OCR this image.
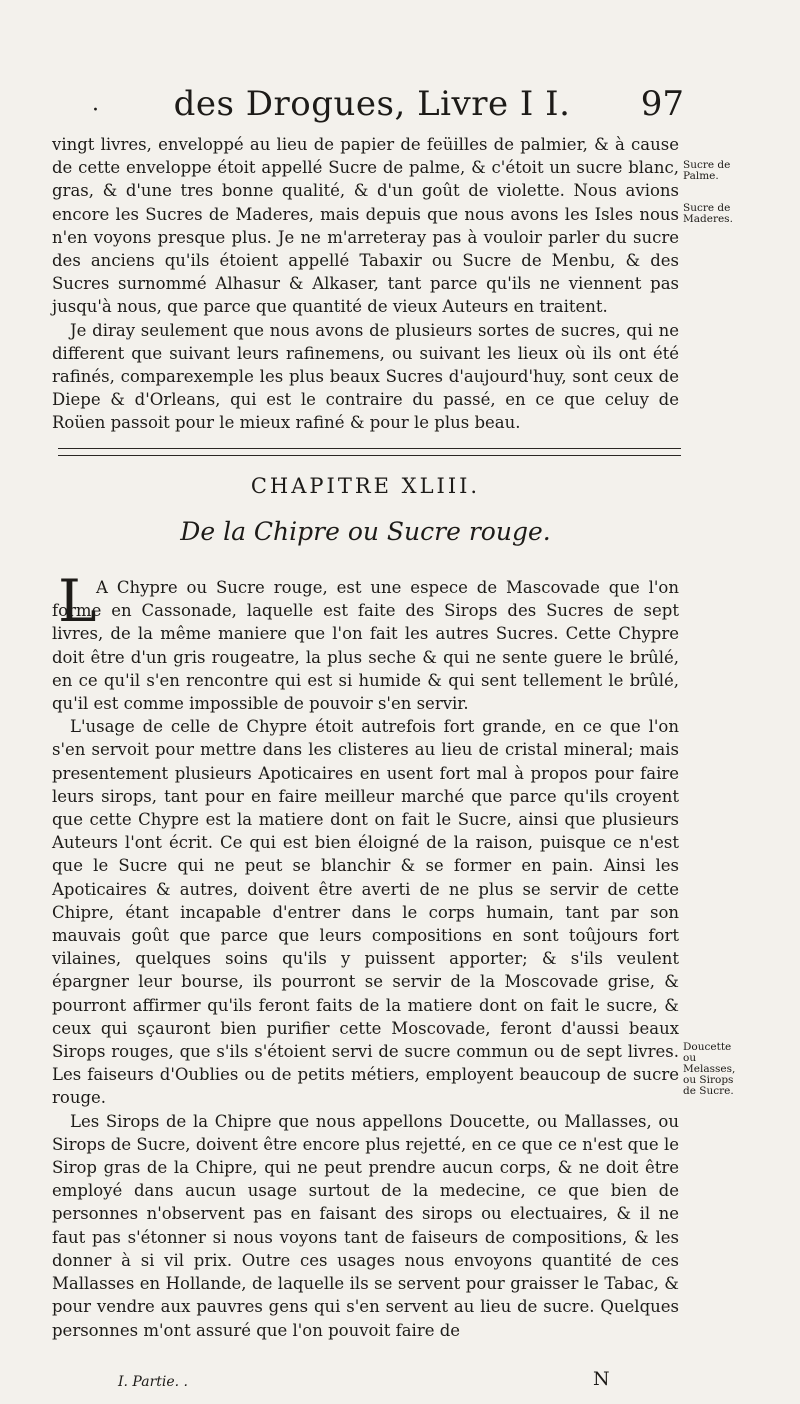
·	des Drogues, Livre I I.	97

vingt livres, enveloppé au lieu de papier de feüilles de palmier, & à cause de cette enveloppe étoit appellé Sucre de palme, & c'étoit un sucre blanc, gras, & d'une tres bonne qualité, & d'un goût de violette. Nous avions encore les Sucres de Maderes, mais depuis que nous avons les Isles nous n'en voyons presque plus. Je ne m'arreteray pas à vouloir parler du sucre des anciens qu'ils étoient appellé Tabaxir ou Sucre de Menbu, & des Sucres surnommé Alhasur & Alkaser, tant parce qu'ils ne viennent pas jusqu'à nous, que parce que quantité de vieux Auteurs en traitent.

Je diray seulement que nous avons de plusieurs sortes de sucres, qui ne different que suivant leurs rafinemens, ou suivant les lieux où ils ont été rafinés, comparexemple les plus beaux Sucres d'aujourd'huy, sont ceux de Diepe & d'Orleans, qui est le contraire du passé, en ce que celuy de Roüen passoit pour le mieux rafiné & pour le plus beau.

Sucre de Palme.
Sucre de Maderes.
CHAPITRE XLIII.
De la Chipre ou Sucre rouge.
L A Chypre ou Sucre rouge, est une espece de Mascovade que l'on forme en Cassonade, laquelle est faite des Sirops des Sucres de sept livres, de la même maniere que l'on fait les autres Sucres. Cette Chypre doit être d'un gris rougeatre, la plus seche & qui ne sente guere le brûlé, en ce qu'il s'en rencontre qui est si humide & qui sent tellement le brûlé, qu'il est comme impossible de pouvoir s'en servir.

L'usage de celle de Chypre étoit autrefois fort grande, en ce que l'on s'en servoit pour mettre dans les clisteres au lieu de cristal mineral; mais presentement plusieurs Apoticaires en usent fort mal à propos pour faire leurs sirops, tant pour en faire meilleur marché que parce qu'ils croyent que cette Chypre est la matiere dont on fait le Sucre, ainsi que plusieurs Auteurs l'ont écrit. Ce qui est bien éloigné de la raison, puisque ce n'est que le Sucre qui ne peut se blanchir & se former en pain. Ainsi les Apoticaires & autres, doivent être averti de ne plus se servir de cette Chipre, étant incapable d'entrer dans le corps humain, tant par son mauvais goût que parce que leurs compositions en sont toûjours fort vilaines, quelques soins qu'ils y puissent apporter; & s'ils veulent épargner leur bourse, ils pourront se servir de la Moscovade grise, & pourront affirmer qu'ils feront faits de la matiere dont on fait le sucre, & ceux qui sçauront bien purifier cette Moscovade, feront d'aussi beaux Sirops rouges, que s'ils s'étoient servi de sucre commun ou de sept livres. Les faiseurs d'Oublies ou de petits métiers, employent beaucoup de sucre rouge.

Les Sirops de la Chipre que nous appellons Doucette, ou Mallasses, ou Sirops de Sucre, doivent être encore plus rejetté, en ce que ce n'est que le Sirop gras de la Chipre, qui ne peut prendre aucun corps, & ne doit être employé dans aucun usage surtout de la medecine, ce que bien de personnes n'observent pas en faisant des sirops ou electuaires, & il ne faut pas s'étonner si nous voyons tant de faiseurs de compositions, & les donner à si vil prix. Outre ces usages nous envoyons quantité de ces Mallasses en Hollande, de laquelle ils se servent pour graisser le Tabac, & pour vendre aux pauvres gens qui s'en servent au lieu de sucre. Quelques personnes m'ont assuré que l'on pouvoit faire de

Doucette ou Melasses, ou Sirops de Sucre.
I. Partie. .	N
